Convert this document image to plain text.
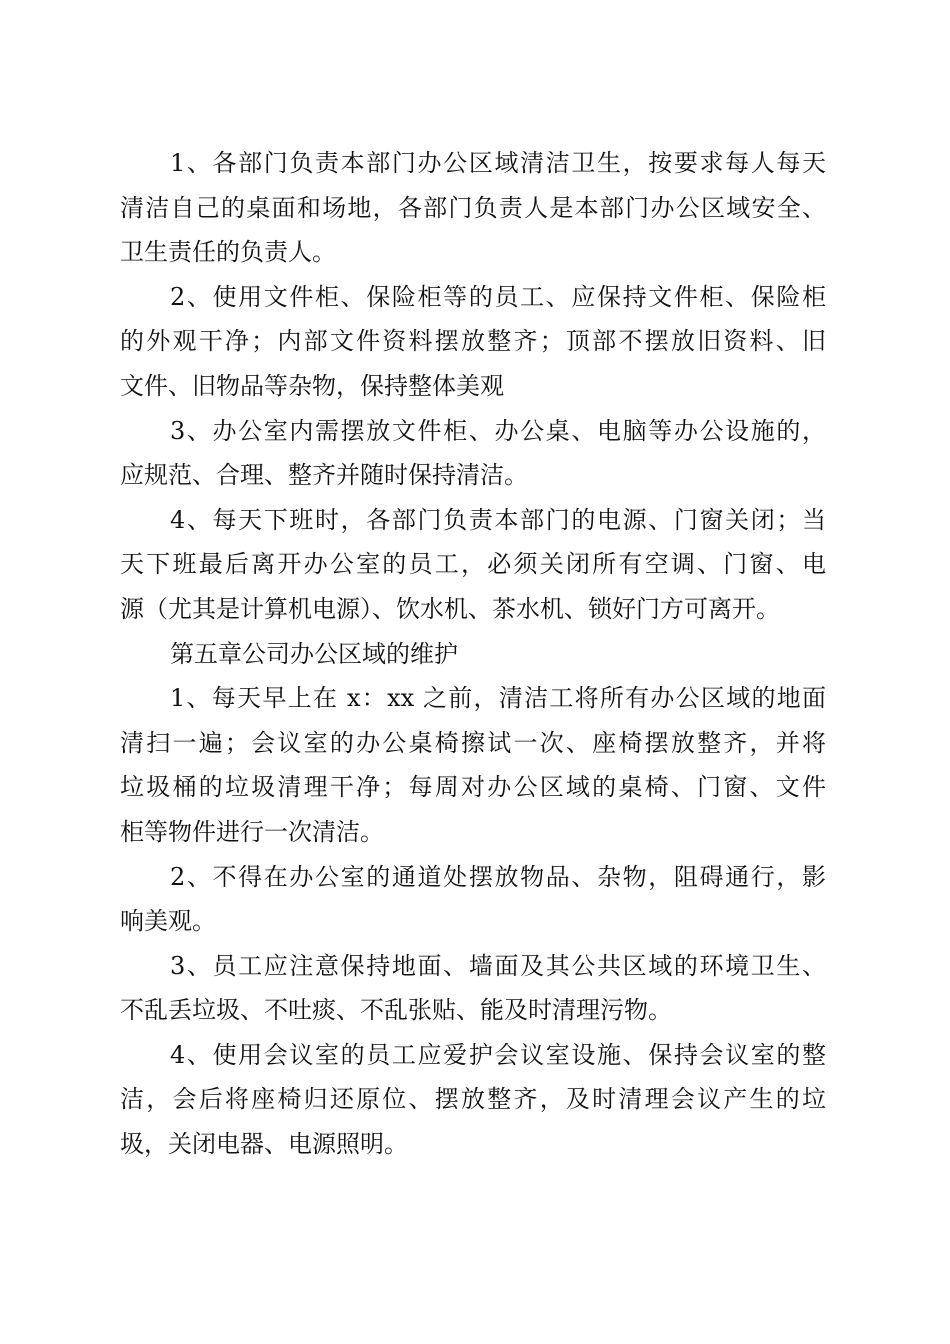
1、各部门负责本部门办公区域清洁卫生，按要求每人每天
清洁自己的桌面和场地，各部门负责人是本部门办公区域安全、
卫生责任的负责人。
2、使用文件柜、保险柜等的员工、应保持文件柜、保险柜
的外观干净；内部文件资料摆放整齐；顶部不摆放旧资料、旧
文件、旧物品等杂物，保持整体美观
3、办公室内需摆放文件柜、办公桌、电脑等办公设施的，
应规范、合理、整齐并随时保持清洁。
4、每天下班时，各部门负责本部门的电源、门窗关闭；当
天下班最后离开办公室的员工，必须关闭所有空调、门窗、电
源（尤其是计算机电源）、饮水机、茶水机、锁好门方可离开。
第五章公司办公区域的维护
1、每天早上在 x：xx 之前，清洁工将所有办公区域的地面
清扫一遍；会议室的办公桌椅擦试一次、座椅摆放整齐，并将
垃圾桶的垃圾清理干净；每周对办公区域的桌椅、门窗、文件
柜等物件进行一次清洁。
2、不得在办公室的通道处摆放物品、杂物，阻碍通行，影
响美观。
3、员工应注意保持地面、墙面及其公共区域的环境卫生、
不乱丢垃圾、不吐痰、不乱张贴、能及时清理污物。
4、使用会议室的员工应爱护会议室设施、保持会议室的整
洁，会后将座椅归还原位、摆放整齐，及时清理会议产生的垃
圾，关闭电器、电源照明。
